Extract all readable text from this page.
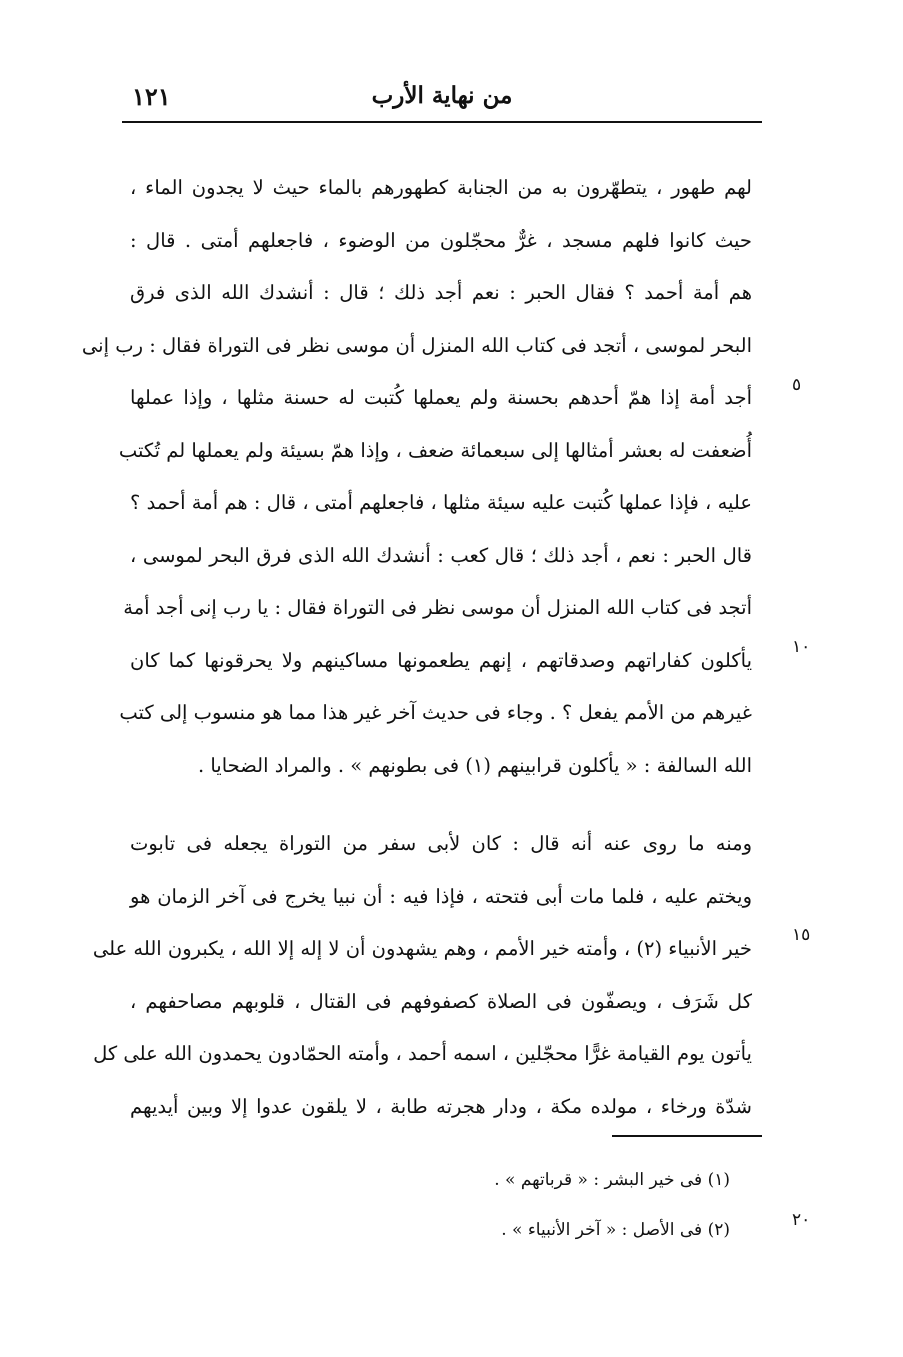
١٢١	من نهاية الأرب
لهم طهور ، يتطهّرون به من الجنابة كطهورهم بالماء حيث لا يجدون الماء ،
حيث كانوا فلهم مسجد ، غرٌّ محجّلون من الوضوء ، فاجعلهم أمتى . قال :
هم أمة أحمد ؟ فقال الحبر : نعم أجد ذلك ؛ قال : أنشدك الله الذى فرق
البحر لموسى ، أتجد فى كتاب الله المنزل أن موسى نظر فى التوراة فقال : رب إنى
أجد أمة إذا همّ أحدهم بحسنة ولم يعملها كُتبت له حسنة مثلها ، وإذا عملها
أُضعفت له بعشر أمثالها إلى سبعمائة ضعف ، وإذا همّ بسيئة ولم يعملها لم تُكتب
عليه ، فإذا عملها كُتبت عليه سيئة مثلها ، فاجعلهم أمتى ، قال : هم أمة أحمد ؟
قال الحبر : نعم ، أجد ذلك ؛ قال كعب : أنشدك الله الذى فرق البحر لموسى ،
أتجد فى كتاب الله المنزل أن موسى نظر فى التوراة فقال : يا رب إنى أجد أمة
يأكلون كفاراتهم وصدقاتهم ، إنهم يطعمونها مساكينهم ولا يحرقونها كما كان
غيرهم من الأمم يفعل ؟ . وجاء فى حديث آخر غير هذا مما هو منسوب إلى كتب
الله السالفة : « يأكلون قرابينهم (١) فى بطونهم » . والمراد الضحايا .
ومنه ما روى عنه أنه قال : كان لأبى سفر من التوراة يجعله فى تابوت
ويختم عليه ، فلما مات أبى فتحته ، فإذا فيه : أن نبيا يخرج فى آخر الزمان هو
خير الأنبياء (٢) ، وأمته خير الأمم ، وهم يشهدون أن لا إله إلا الله ، يكبرون الله على
كل شَرَف ، ويصفّون فى الصلاة كصفوفهم فى القتال ، قلوبهم مصاحفهم ،
يأتون يوم القيامة غرًّا محجّلين ، اسمه أحمد ، وأمته الحمّادون يحمدون الله على كل
شدّة ورخاء ، مولده مكة ، ودار هجرته طابة ، لا يلقون عدوا إلا وبين أيديهم
٥
١٠
١٥
٢٠
(١) فى خير البشر : « قرباتهم » .
(٢) فى الأصل : « آخر الأنبياء » .
